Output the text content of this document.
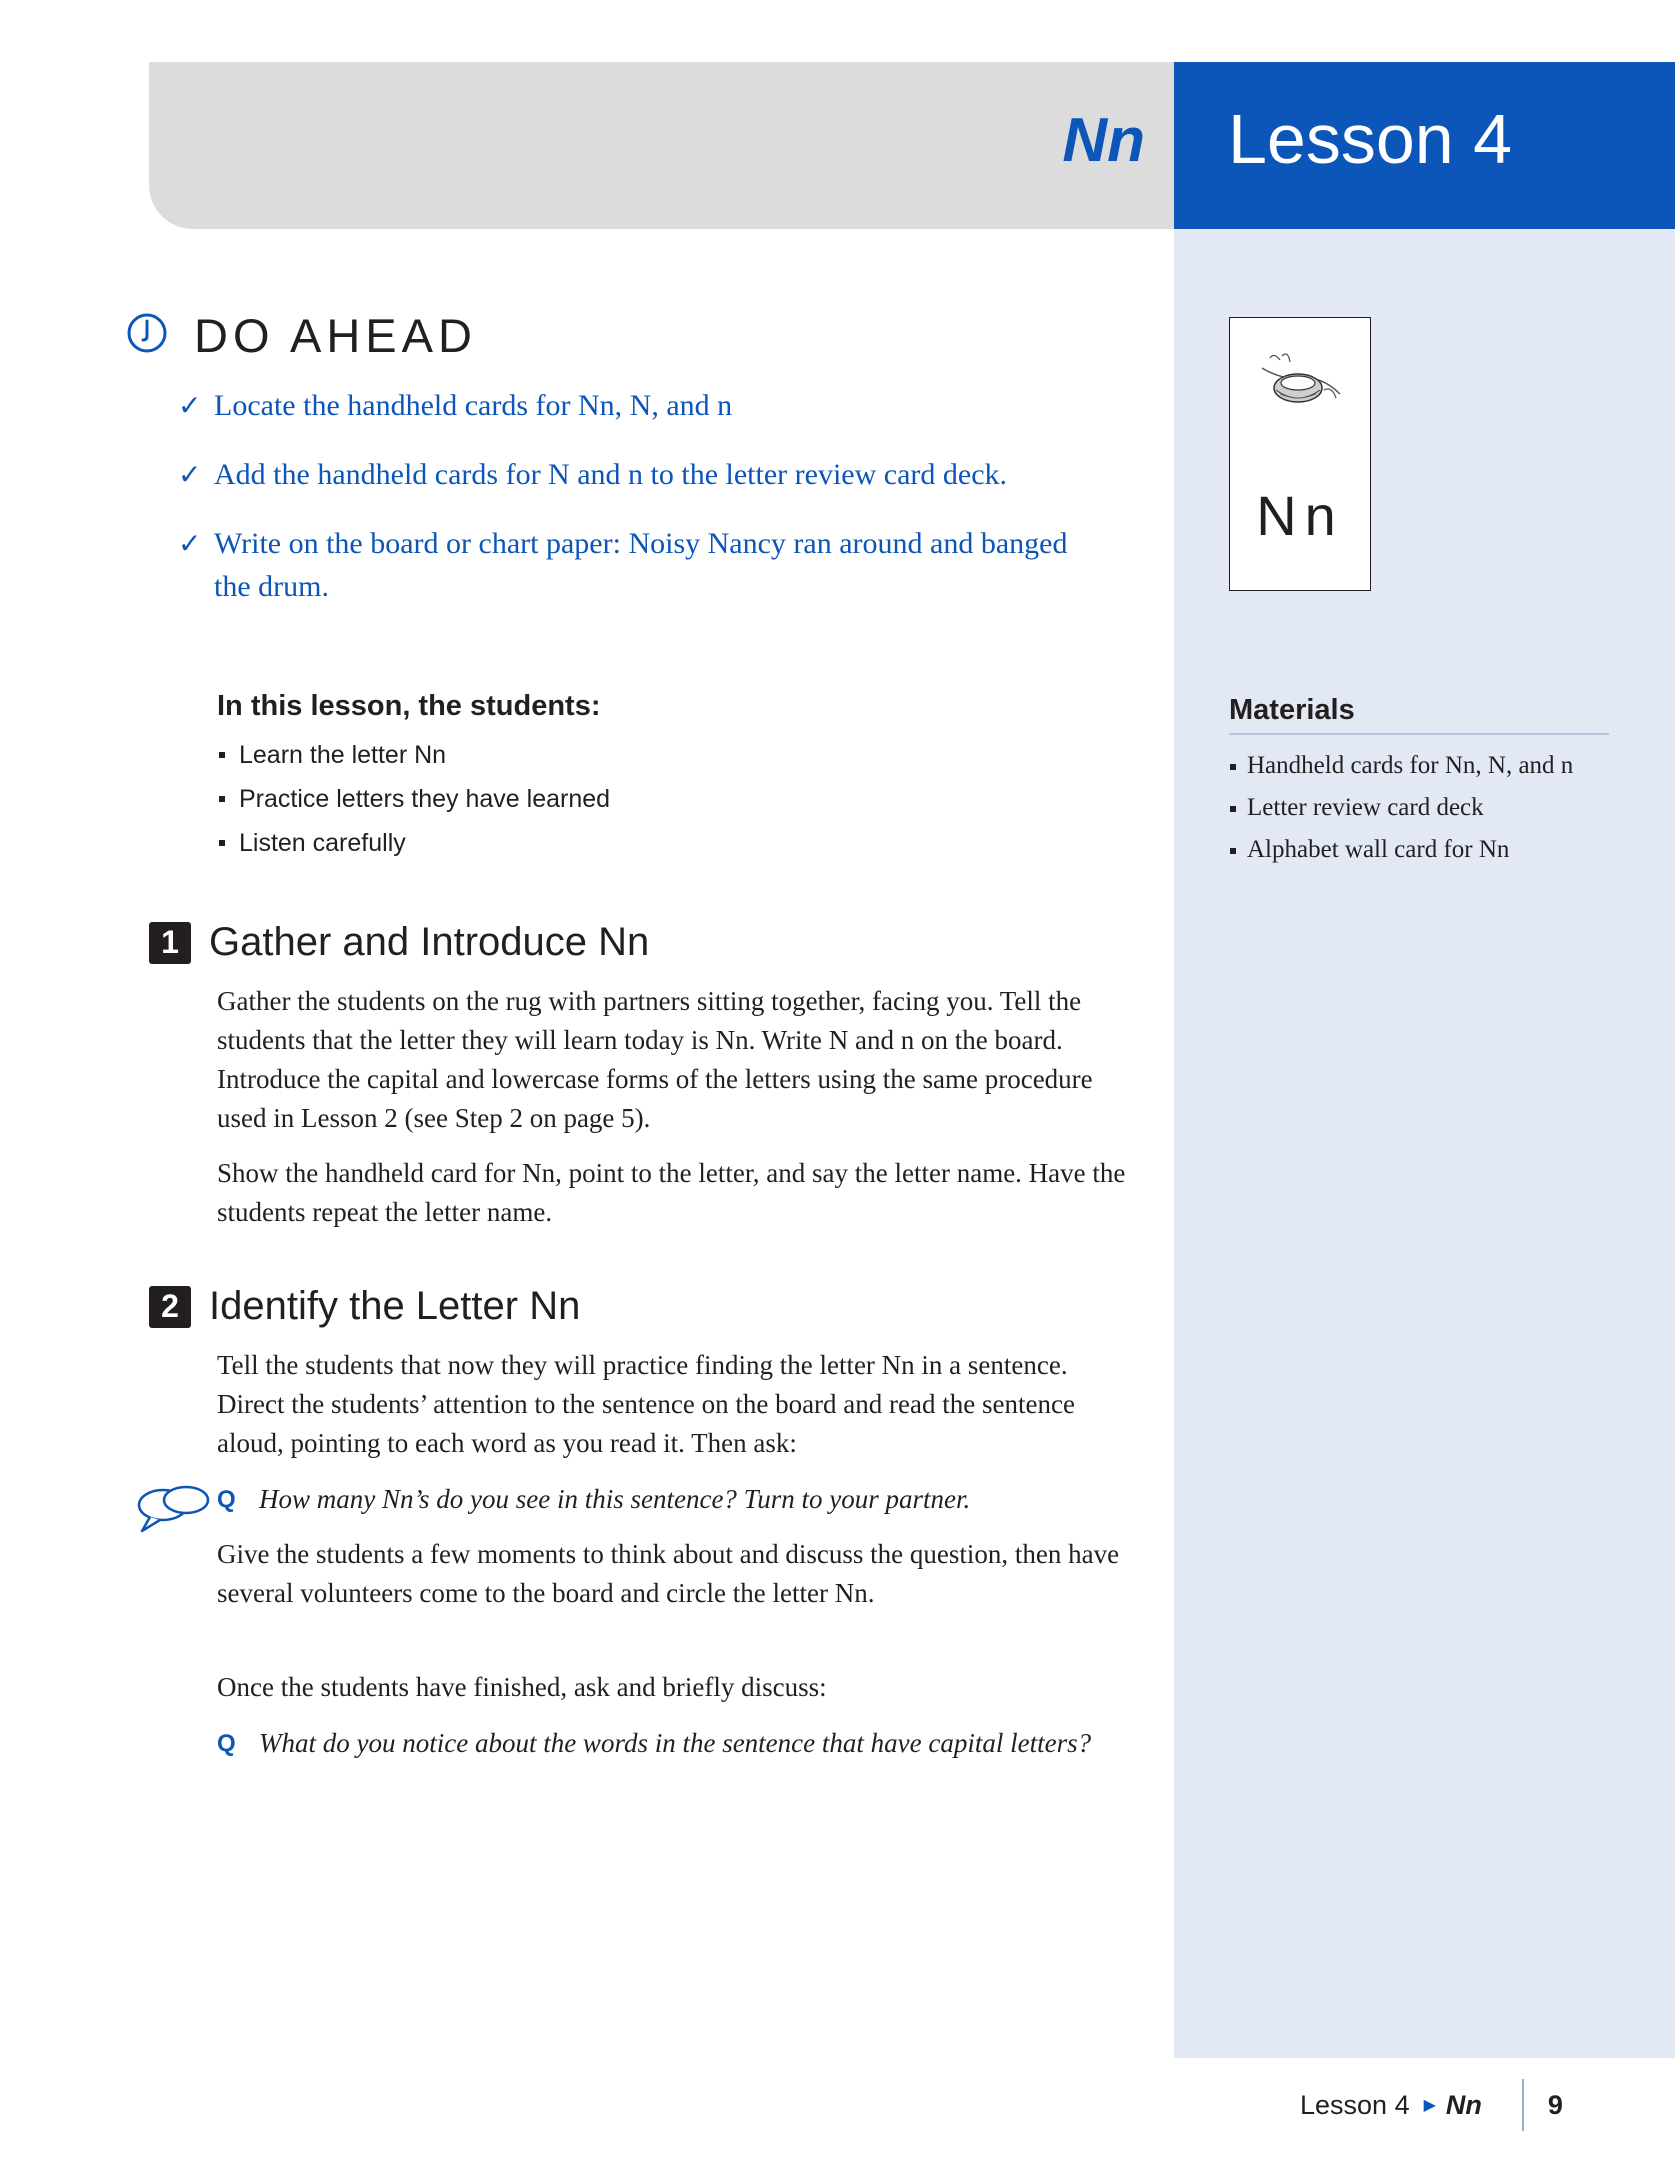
Nn Lesson 4
DO AHEAD
✓ Locate the handheld cards for Nn, N, and n
✓ Add the handheld cards for N and n to the letter review card deck.
✓ Write on the board or chart paper: Noisy Nancy ran around and banged the drum.
In this lesson, the students:
Learn the letter Nn
Practice letters they have learned
Listen carefully
1 Gather and Introduce Nn
Gather the students on the rug with partners sitting together, facing you. Tell the students that the letter they will learn today is Nn. Write N and n on the board. Introduce the capital and lowercase forms of the letters using the same procedure used in Lesson 2 (see Step 2 on page 5).
Show the handheld card for Nn, point to the letter, and say the letter name. Have the students repeat the letter name.
2 Identify the Letter Nn
Tell the students that now they will practice finding the letter Nn in a sentence. Direct the students’ attention to the sentence on the board and read the sentence aloud, pointing to each word as you read it. Then ask:
Q How many Nn’s do you see in this sentence? Turn to your partner.
Give the students a few moments to think about and discuss the question, then have several volunteers come to the board and circle the letter Nn.
Once the students have finished, ask and briefly discuss:
Q What do you notice about the words in the sentence that have capital letters?
Nn
Materials
Handheld cards for Nn, N, and n
Letter review card deck
Alphabet wall card for Nn
Lesson 4 ▶ Nn 9
